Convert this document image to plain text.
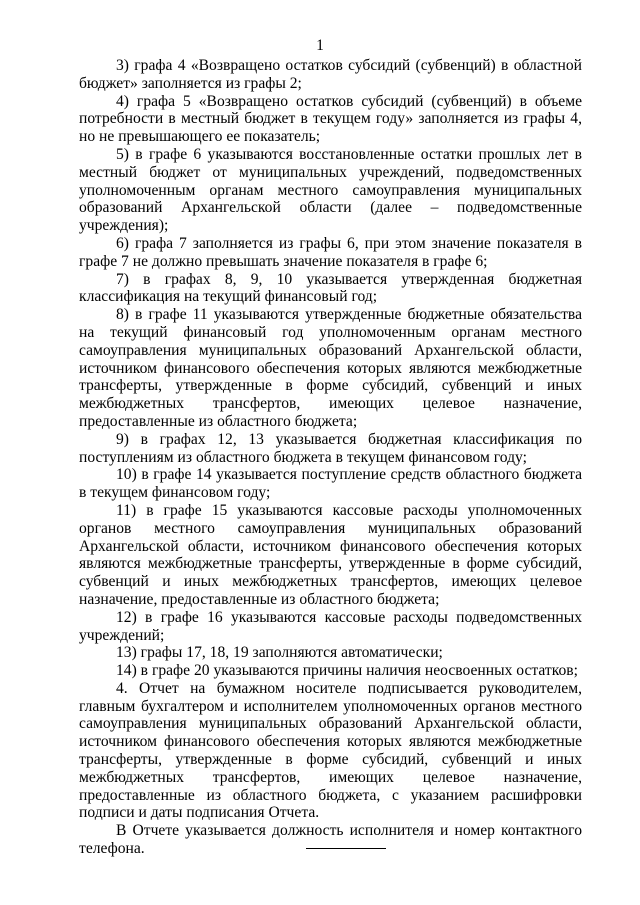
1

3) графа 4 «Возвращено остатков субсидий (субвенций) в областной бюджет» заполняется из графы 2;

4) графа 5 «Возвращено остатков субсидий (субвенций) в объеме потребности в местный бюджет в текущем году» заполняется из графы 4, но не превышающего ее показатель;

5) в графе 6 указываются восстановленные остатки прошлых лет в местный бюджет от муниципальных учреждений, подведомственных уполномоченным органам местного самоуправления муниципальных образований Архангельской области (далее – подведомственные учреждения);

6) графа 7 заполняется из графы 6, при этом значение показателя в графе 7 не должно превышать значение показателя в графе 6;

7) в графах 8, 9, 10 указывается утвержденная бюджетная классификация на текущий финансовый год;

8) в графе 11 указываются утвержденные бюджетные обязательства на текущий финансовый год уполномоченным органам местного самоуправления муниципальных образований Архангельской области, источником финансового обеспечения которых являются межбюджетные трансферты, утвержденные в форме субсидий, субвенций и иных межбюджетных трансфертов, имеющих целевое назначение, предоставленные из областного бюджета;

9) в графах 12, 13 указывается бюджетная классификация по поступлениям из областного бюджета в текущем финансовом году;

10) в графе 14 указывается поступление средств областного бюджета в текущем финансовом году;

11) в графе 15 указываются кассовые расходы уполномоченных органов местного самоуправления муниципальных образований Архангельской области, источником финансового обеспечения которых являются межбюджетные трансферты, утвержденные в форме субсидий, субвенций и иных межбюджетных трансфертов, имеющих целевое назначение, предоставленные из областного бюджета;

12) в графе 16 указываются кассовые расходы подведомственных учреждений;

13) графы 17, 18, 19 заполняются автоматически;

14) в графе 20 указываются причины наличия неосвоенных остатков;

4. Отчет на бумажном носителе подписывается руководителем, главным бухгалтером и исполнителем уполномоченных органов местного самоуправления муниципальных образований Архангельской области, источником финансового обеспечения которых являются межбюджетные трансферты, утвержденные в форме субсидий, субвенций и иных межбюджетных трансфертов, имеющих целевое назначение, предоставленные из областного бюджета, с указанием расшифровки подписи и даты подписания Отчета.

В Отчете указывается должность исполнителя и номер контактного телефона.
